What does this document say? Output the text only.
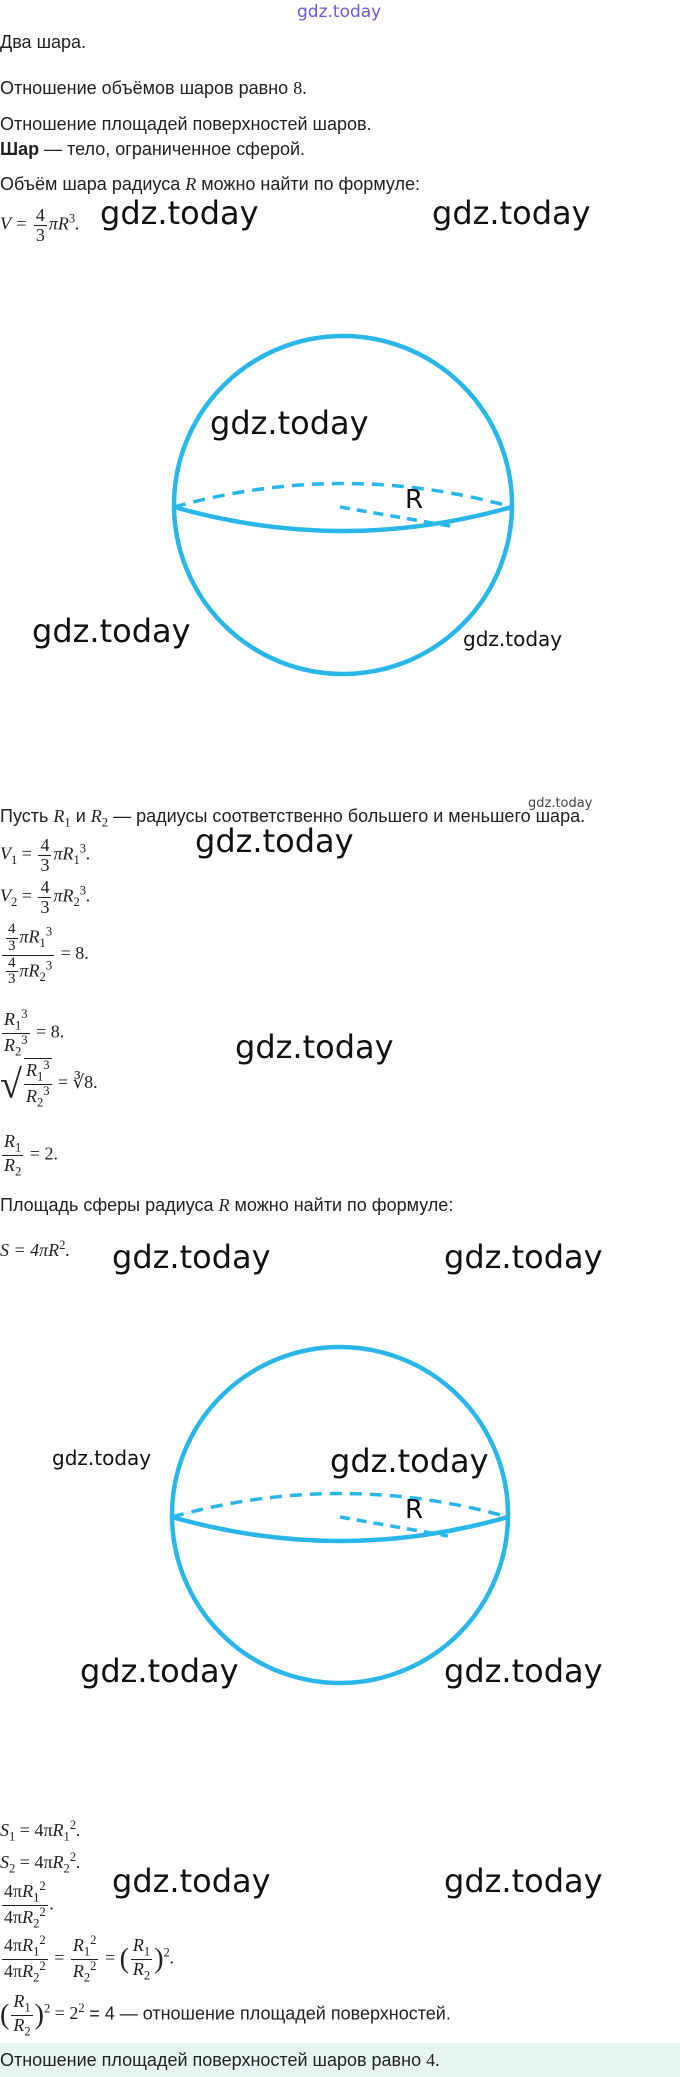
gdz.today
Два шара.
Отношение объёмов шаров равно 8.
Отношение площадей поверхностей шаров.
Шар — тело, ограниченное сферой.
Объём шара радиуса R можно найти по формуле:
$V = \frac{4}{3} \pi R^3$. gdz.today	gdz.today
R
gdz.today
gdz.today	gdz.today
gdz.today
Пусть $R_1$ и $R_2$ — радиусы соответственно большего и меньшего шара.
gdz.today
$V_1 = \frac{4}{3} \pi R_1^3$.
$V_2 = \frac{4}{3} \pi R_2^3$.
$\frac{\frac{4}{3} \pi R_1^3}{\frac{4}{3} \pi R_2^3} = 8$.
$\frac{R_1^3}{R_2^3} = 8$.	gdz.today
√ $\frac{R_1^3}{R_2^3}$ = ∛8.
$\frac{R_1}{R_2} = 2$.
Площадь сферы радиуса R можно найти по формуле:
$S = 4\pi R^2$. gdz.today	gdz.today
R
gdz.today	gdz.today
gdz.today	gdz.today
$S_1 = 4\pi R_1^2$.
$S_2 = 4\pi R_2^2$. gdz.today	gdz.today
$\frac{4\pi R_1^2}{4\pi R_2^2}$ .
$\frac{4\pi R_1^2}{4\pi R_2^2} = \frac{R_1^2}{R_2^2}$ = ( $\frac{R_1}{R_2} )^2$.
( $\frac{R_1}{R_2} )^2 = 2^2 = 4$ — отношение площадей поверхностей.
Отношение площадей поверхностей шаров равно 4.
